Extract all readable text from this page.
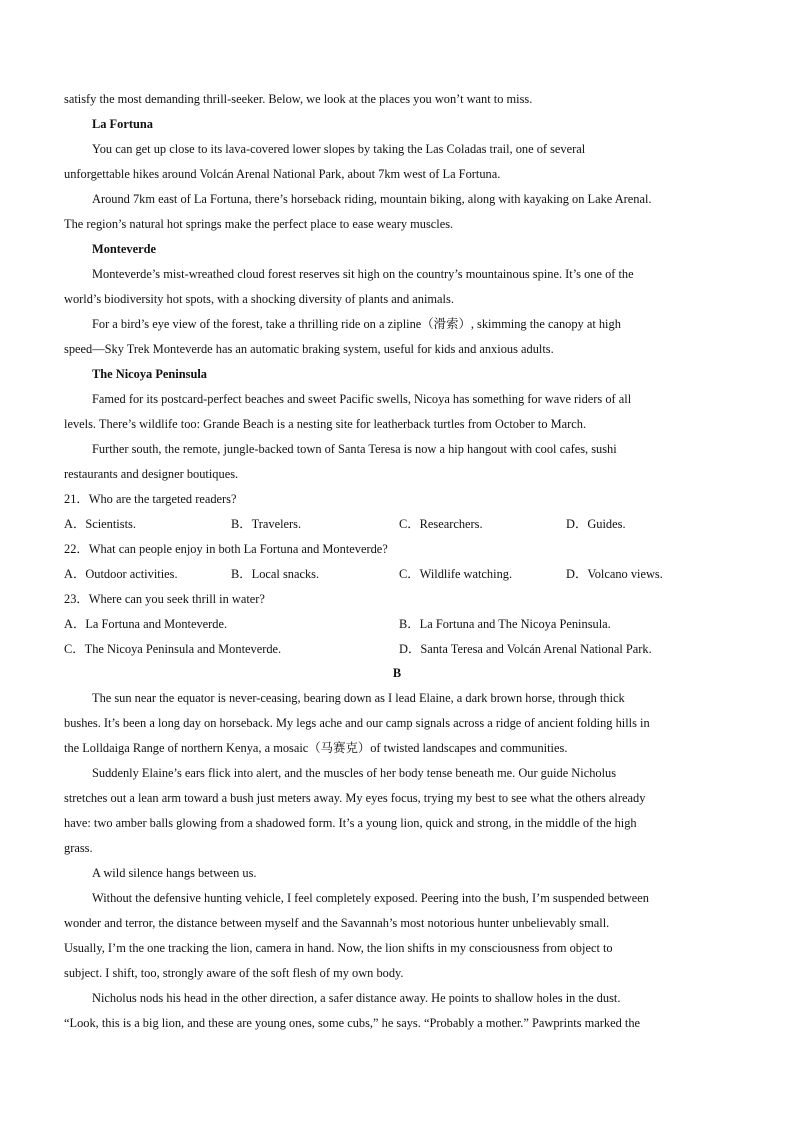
satisfy the most demanding thrill-seeker. Below, we look at the places you won’t want to miss.
La Fortuna
You can get up close to its lava-covered lower slopes by taking the Las Coladas trail, one of several
unforgettable hikes around Volcán Arenal National Park, about 7km west of La Fortuna.
Around 7km east of La Fortuna, there’s horseback riding, mountain biking, along with kayaking on Lake Arenal.
The region’s natural hot springs make the perfect place to ease weary muscles.
Monteverde
Monteverde’s mist-wreathed cloud forest reserves sit high on the country’s mountainous spine. It’s one of the
world’s biodiversity hot spots, with a shocking diversity of plants and animals.
For a bird’s eye view of the forest, take a thrilling ride on a zipline（滑索）, skimming the canopy at high
speed—Sky Trek Monteverde has an automatic braking system, useful for kids and anxious adults.
The Nicoya Peninsula
Famed for its postcard-perfect beaches and sweet Pacific swells, Nicoya has something for wave riders of all
levels. There’s wildlife too: Grande Beach is a nesting site for leatherback turtles from October to March.
Further south, the remote, jungle-backed town of Santa Teresa is now a hip hangout with cool cafes, sushi
restaurants and designer boutiques.
21．Who are the targeted readers?
A．Scientists.	B．Travelers.	C．Researchers.	D．Guides.
22．What can people enjoy in both La Fortuna and Monteverde?
A．Outdoor activities.	B．Local snacks.	C．Wildlife watching.	D．Volcano views.
23．Where can you seek thrill in water?
A．La Fortuna and Monteverde.	B．La Fortuna and The Nicoya Peninsula.
C．The Nicoya Peninsula and Monteverde.	D．Santa Teresa and Volcán Arenal National Park.
B
The sun near the equator is never-ceasing, bearing down as I lead Elaine, a dark brown horse, through thick
bushes. It’s been a long day on horseback. My legs ache and our camp signals across a ridge of ancient folding hills in
the Lolldaiga Range of northern Kenya, a mosaic（马赛克）of twisted landscapes and communities.
Suddenly Elaine’s ears flick into alert, and the muscles of her body tense beneath me. Our guide Nicholus
stretches out a lean arm toward a bush just meters away. My eyes focus, trying my best to see what the others already
have: two amber balls glowing from a shadowed form. It’s a young lion, quick and strong, in the middle of the high
grass.
A wild silence hangs between us.
Without the defensive hunting vehicle, I feel completely exposed. Peering into the bush, I’m suspended between
wonder and terror, the distance between myself and the Savannah’s most notorious hunter unbelievably small.
Usually, I’m the one tracking the lion, camera in hand. Now, the lion shifts in my consciousness from object to
subject. I shift, too, strongly aware of the soft flesh of my own body.
Nicholus nods his head in the other direction, a safer distance away. He points to shallow holes in the dust.
“Look, this is a big lion, and these are young ones, some cubs,” he says. “Probably a mother.” Pawprints marked the
